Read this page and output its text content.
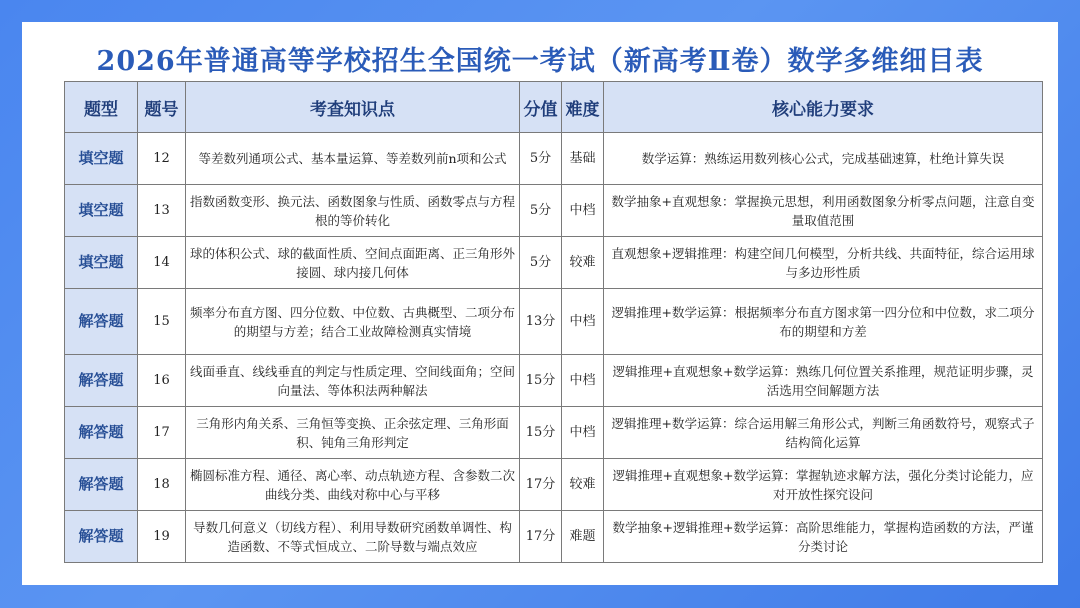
2026年普通高等学校招生全国统一考试（新高考Ⅱ卷）数学多维细目表
题型	题号	考查知识点	分值	难度	核心能力要求
填空题	12	等差数列通项公式、基本量运算、等差数列前n项和公式	5分	基础	数学运算：熟练运用数列核心公式，完成基础速算，杜绝计算失误
填空题	13	指数函数变形、换元法、函数图象与性质、函数零点与方程根的等价转化	5分	中档	数学抽象+直观想象：掌握换元思想，利用函数图象分析零点问题，注意自变量取值范围
填空题	14	球的体积公式、球的截面性质、空间点面距离、正三角形外接圆、球内接几何体	5分	较难	直观想象+逻辑推理：构建空间几何模型，分析共线、共面特征，综合运用球与多边形性质
解答题	15	频率分布直方图、四分位数、中位数、古典概型、二项分布的期望与方差；结合工业故障检测真实情境	13分	中档	逻辑推理+数学运算：根据频率分布直方图求第一四分位和中位数，求二项分布的期望和方差
解答题	16	线面垂直、线线垂直的判定与性质定理、空间线面角；空间向量法、等体积法两种解法	15分	中档	逻辑推理+直观想象+数学运算：熟练几何位置关系推理，规范证明步骤，灵活选用空间解题方法
解答题	17	三角形内角关系、三角恒等变换、正余弦定理、三角形面积、钝角三角形判定	15分	中档	逻辑推理+数学运算：综合运用解三角形公式，判断三角函数符号，观察式子结构简化运算
解答题	18	椭圆标准方程、通径、离心率、动点轨迹方程、含参数二次曲线分类、曲线对称中心与平移	17分	较难	逻辑推理+直观想象+数学运算：掌握轨迹求解方法，强化分类讨论能力，应对开放性探究设问
解答题	19	导数几何意义（切线方程）、利用导数研究函数单调性、构造函数、不等式恒成立、二阶导数与端点效应	17分	难题	数学抽象+逻辑推理+数学运算：高阶思维能力，掌握构造函数的方法，严谨分类讨论
